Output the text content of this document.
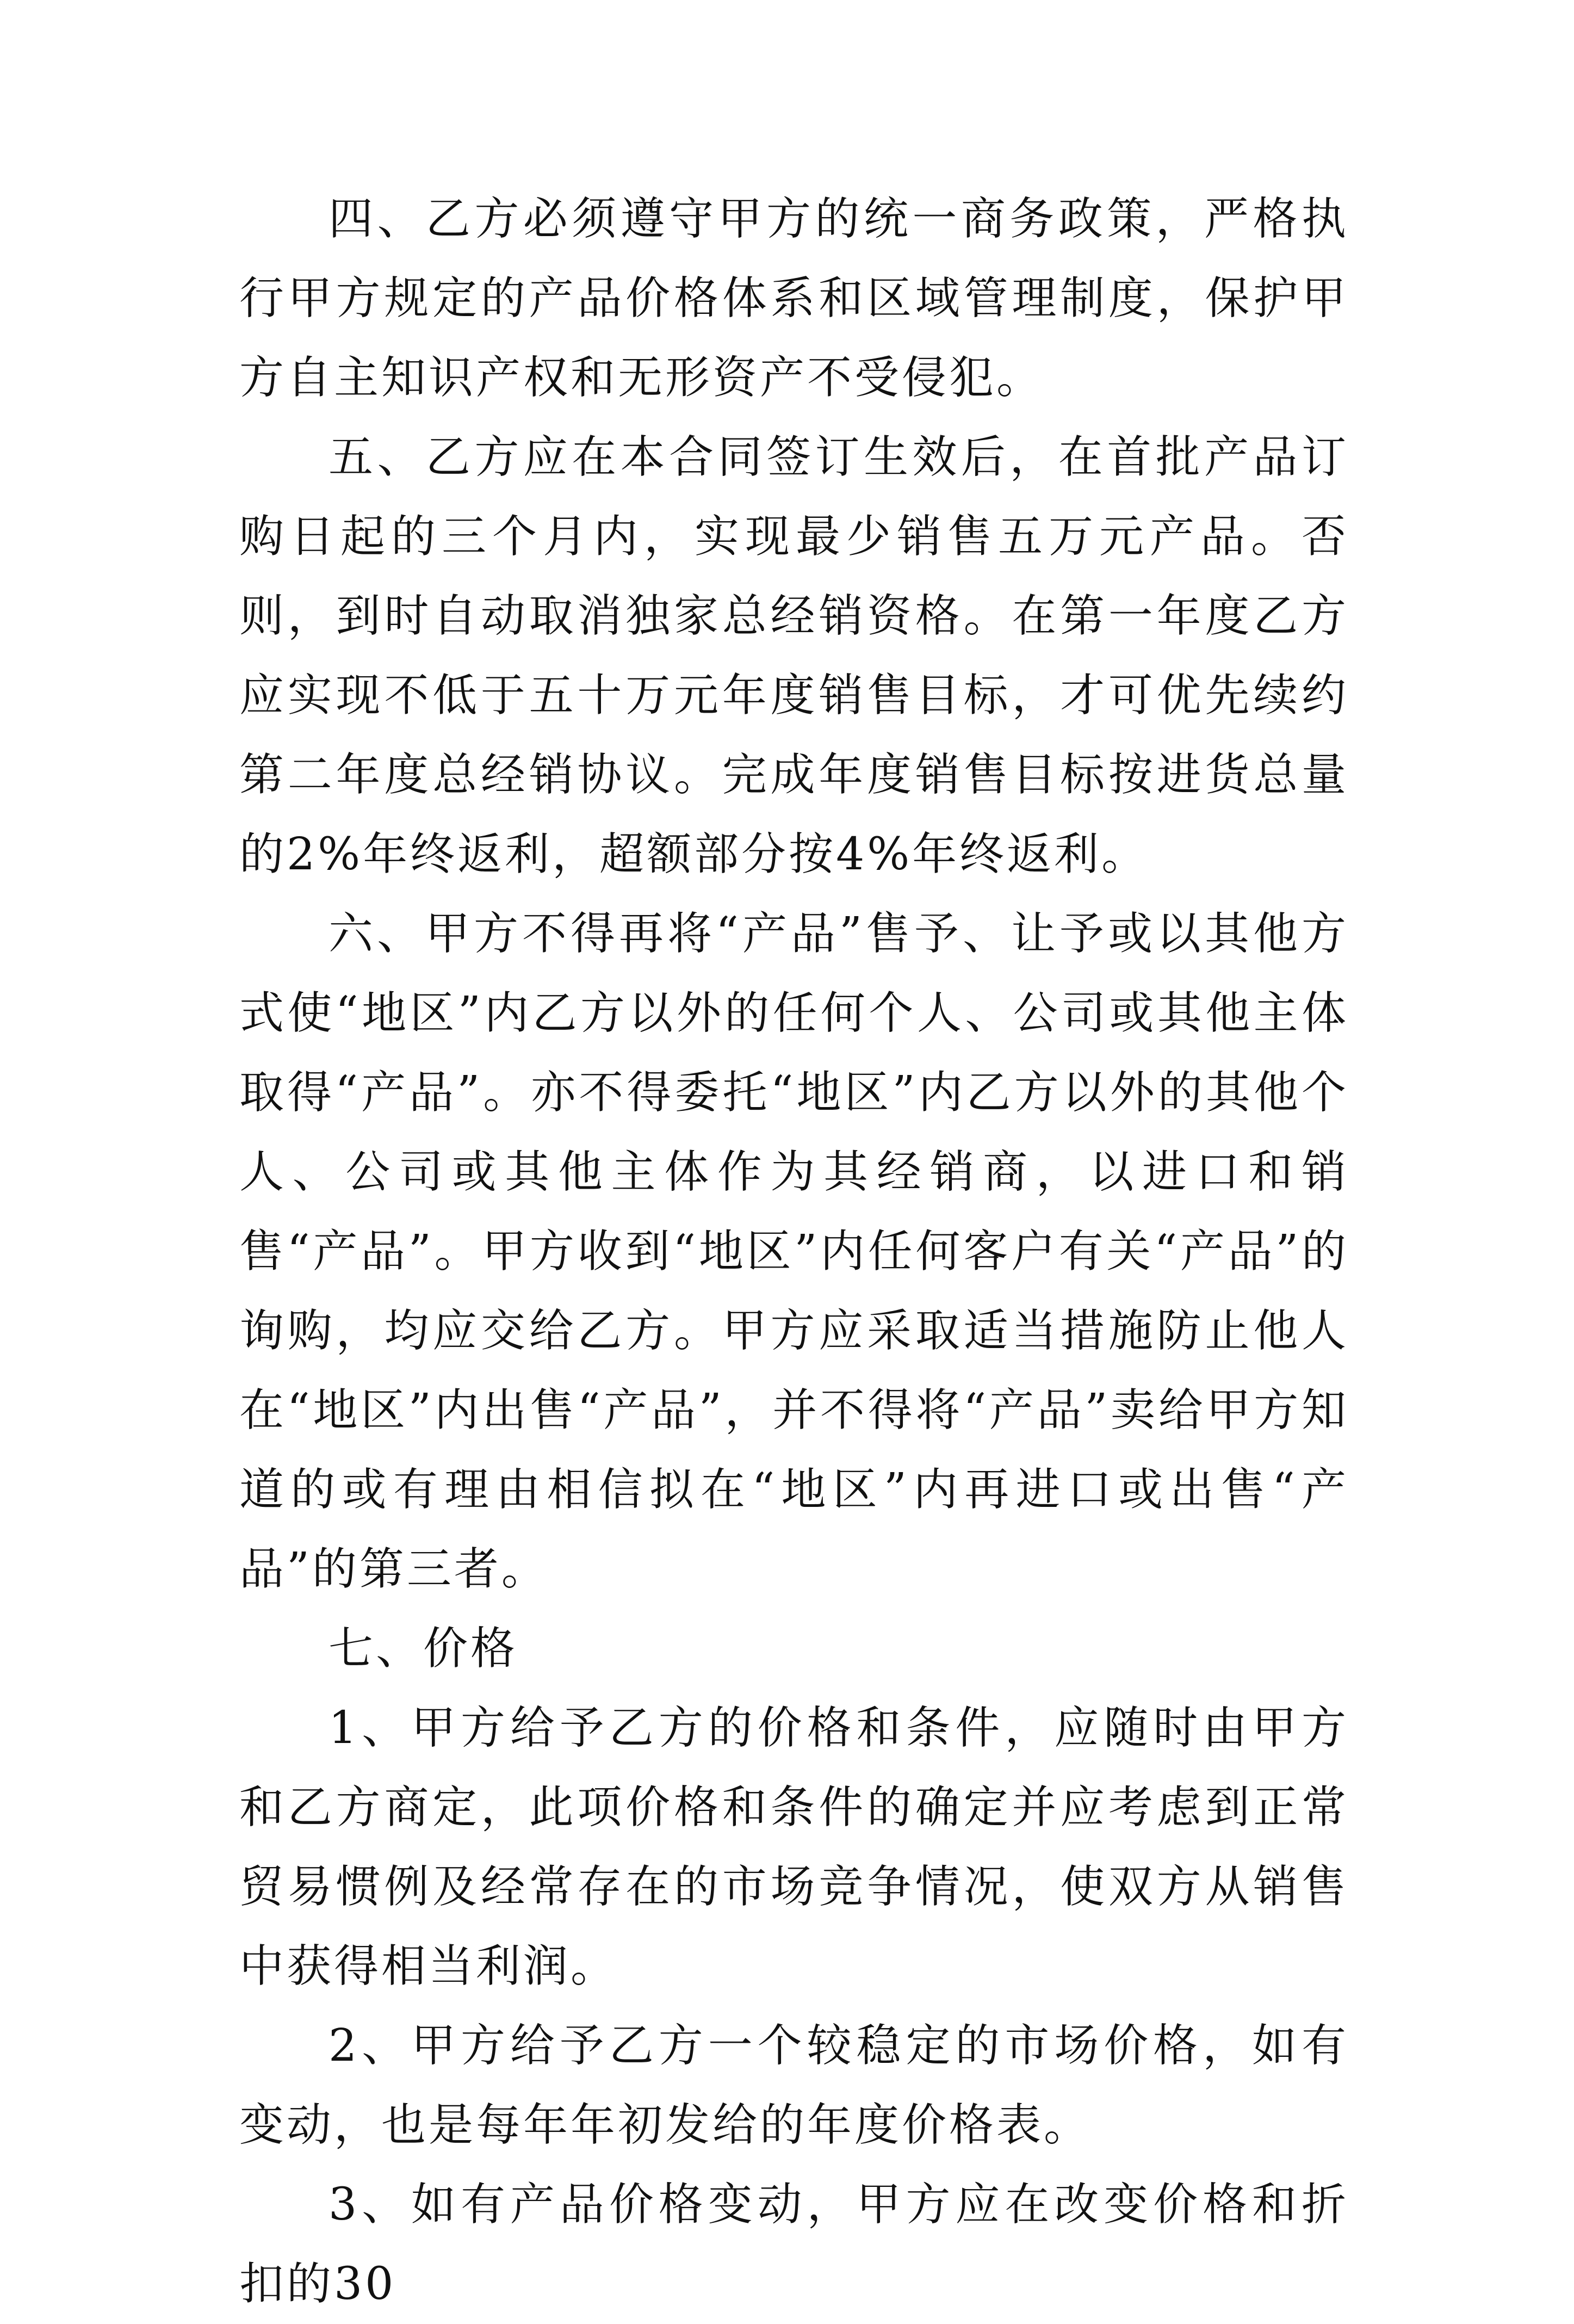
四、乙方必须遵守甲方的统一商务政策，严格执行甲方规定的产品价格体系和区域管理制度，保护甲方自主知识产权和无形资产不受侵犯。

五、乙方应在本合同签订生效后，在首批产品订购日起的三个月内，实现最少销售五万元产品。否则，到时自动取消独家总经销资格。在第一年度乙方应实现不低于五十万元年度销售目标，才可优先续约第二年度总经销协议。完成年度销售目标按进货总量的2%年终返利，超额部分按4%年终返利。

六、甲方不得再将“产品”售予、让予或以其他方式使“地区”内乙方以外的任何个人、公司或其他主体取得“产品”。亦不得委托“地区”内乙方以外的其他个人、公司或其他主体作为其经销商，以进口和销售“产品”。甲方收到“地区”内任何客户有关“产品”的询购，均应交给乙方。甲方应采取适当措施防止他人在“地区”内出售“产品”，并不得将“产品”卖给甲方知道的或有理由相信拟在“地区”内再进口或出售“产品”的第三者。

七、价格

1、甲方给予乙方的价格和条件，应随时由甲方和乙方商定，此项价格和条件的确定并应考虑到正常贸易惯例及经常存在的市场竞争情况，使双方从销售中获得相当利润。

2、甲方给予乙方一个较稳定的市场价格，如有变动，也是每年年初发给的年度价格表。

3、如有产品价格变动，甲方应在改变价格和折扣的30
